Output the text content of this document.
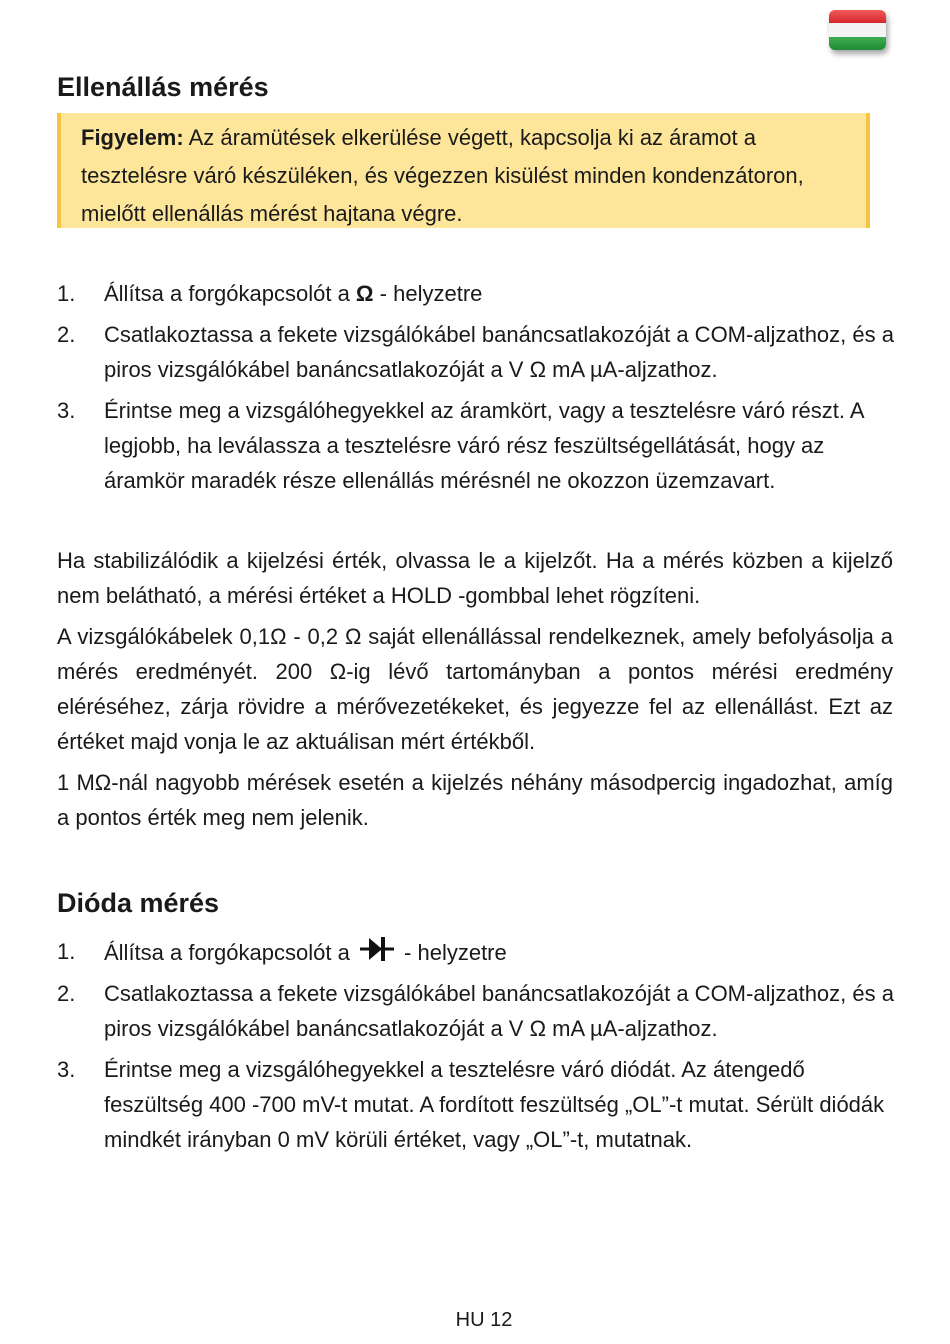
Ellenállás mérés
Figyelem: Az áramütések elkerülése végett, kapcsolja ki az áramot a tesztelésre váró készüléken, és végezzen kisülést minden kondenzátoron, mielőtt ellenállás mérést hajtana végre.
1. Állítsa a forgókapcsolót a Ω - helyzetre
2. Csatlakoztassa a fekete vizsgálókábel banáncsatlakozóját a COM-aljzathoz, és a piros vizsgálókábel banáncsatlakozóját a V Ω mA µA-aljzathoz.
3. Érintse meg a vizsgálóhegyekkel az áramkört, vagy a tesztelésre váró részt. A legjobb, ha leválassza a tesztelésre váró rész feszültségellátását, hogy az áramkör maradék része ellenállás mérésnél ne okozzon üzemzavart.

Ha stabilizálódik a kijelzési érték, olvassa le a kijelzőt. Ha a mérés közben a kijelző nem belátható, a mérési értéket a HOLD -gombbal lehet rögzíteni.

A vizsgálókábelek 0,1Ω - 0,2 Ω saját ellenállással rendelkeznek, amely befolyásolja a mérés eredményét. 200 Ω-ig lévő tartományban a pontos mérési eredmény eléréséhez, zárja rövidre a mérővezetékeket, és jegyezze fel az ellenállást. Ezt az értéket majd vonja le az aktuálisan mért értékből.

1 MΩ-nál nagyobb mérések esetén a kijelzés néhány másodpercig ingadozhat, amíg a pontos érték meg nem jelenik.

Dióda mérés
1. Állítsa a forgókapcsolót a  - helyzetre
2. Csatlakoztassa a fekete vizsgálókábel banáncsatlakozóját a COM-aljzathoz, és a piros vizsgálókábel banáncsatlakozóját a V Ω mA µA-aljzathoz.
3. Érintse meg a vizsgálóhegyekkel a tesztelésre váró diódát. Az átengedő feszültség 400 -700 mV-t mutat. A fordított feszültség „OL”-t mutat. Sérült diódák mindkét irányban 0 mV körüli értéket, vagy „OL”-t, mutatnak.
HU 12
